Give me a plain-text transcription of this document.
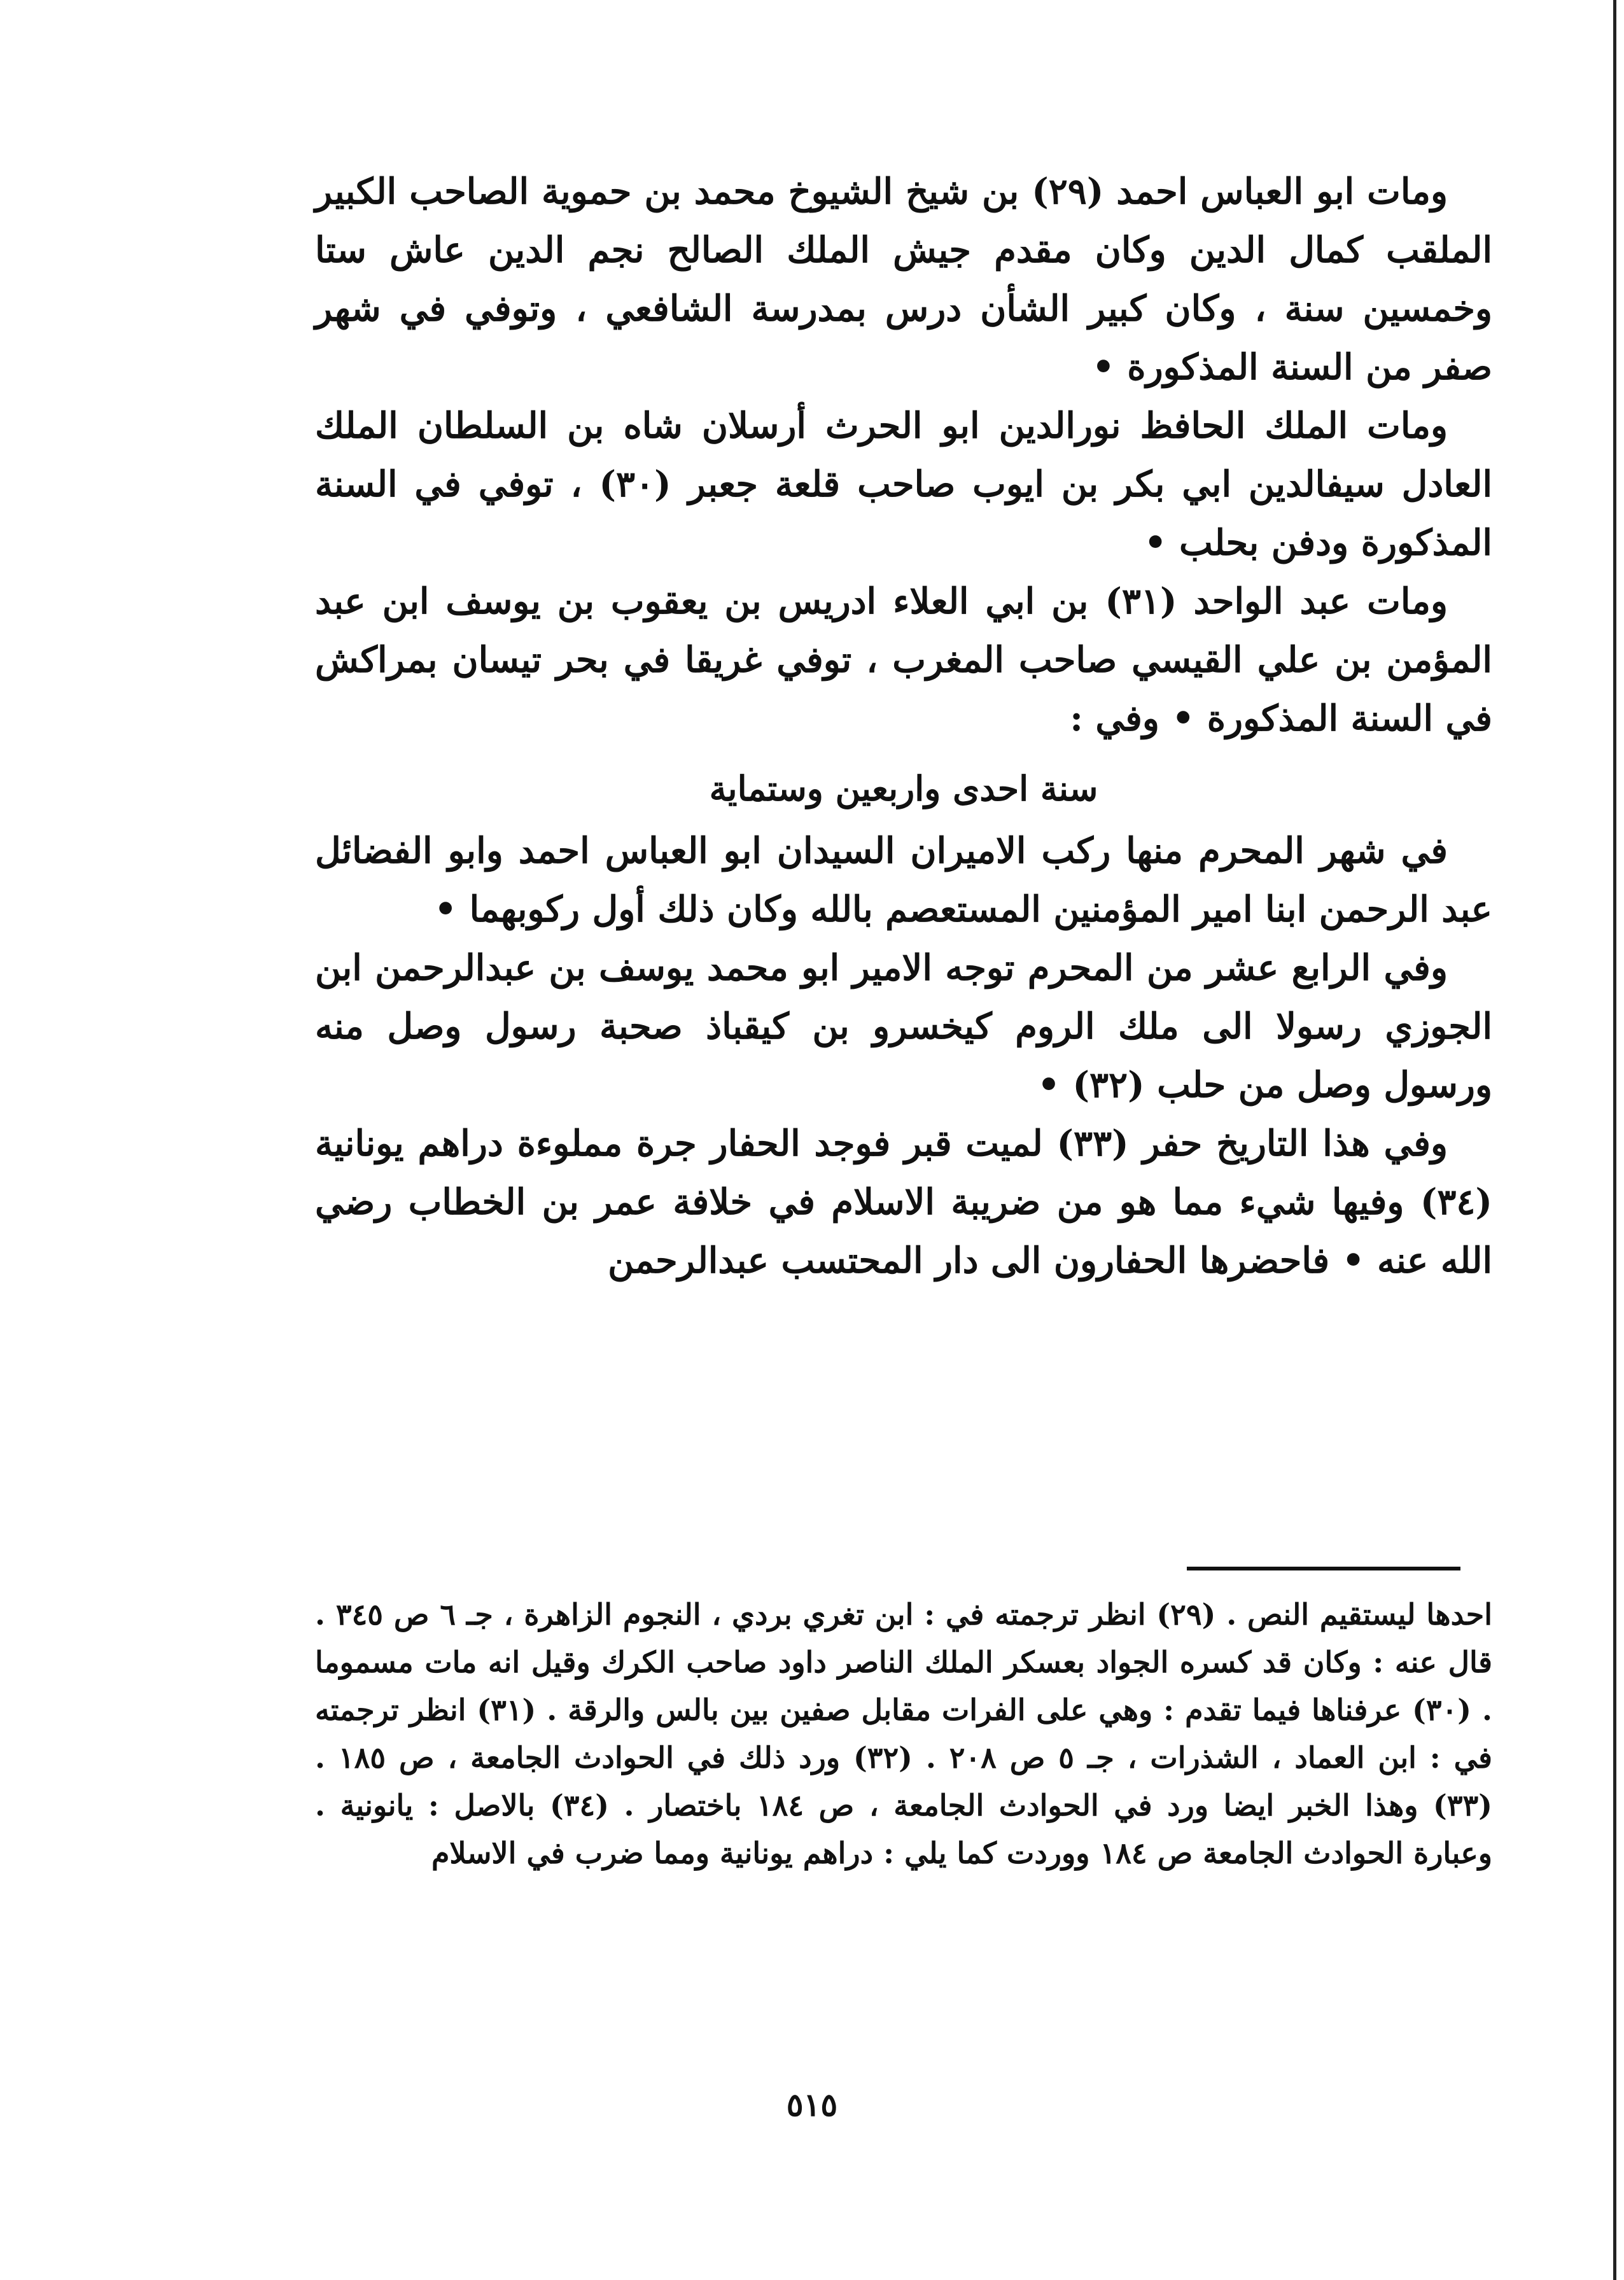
ومات ابو العباس احمد (٢٩) بن شيخ الشيوخ محمد بن حموية الصاحب الكبير الملقب كمال الدين وكان مقدم جيش الملك الصالح نجم الدين عاش ستا وخمسين سنة ، وكان كبير الشأن درس بمدرسة الشافعي ، وتوفي في شهر صفر من السنة المذكورة •

ومات الملك الحافظ نورالدين ابو الحرث أرسلان شاه بن السلطان الملك العادل سيفالدين ابي بكر بن ايوب صاحب قلعة جعبر (٣٠) ، توفي في السنة المذكورة ودفن بحلب •

ومات عبد الواحد (٣١) بن ابي العلاء ادريس بن يعقوب بن يوسف ابن عبد المؤمن بن علي القيسي صاحب المغرب ، توفي غريقا في بحر تيسان بمراكش في السنة المذكورة • وفي :

سنة احدى واربعين وستماية

في شهر المحرم منها ركب الاميران السيدان ابو العباس احمد وابو الفضائل عبد الرحمن ابنا امير المؤمنين المستعصم بالله وكان ذلك أول ركوبهما •

وفي الرابع عشر من المحرم توجه الامير ابو محمد يوسف بن عبدالرحمن ابن الجوزي رسولا الى ملك الروم كيخسرو بن كيقباذ صحبة رسول وصل منه ورسول وصل من حلب (٣٢) •

وفي هذا التاريخ حفر (٣٣) لميت قبر فوجد الحفار جرة مملوءة دراهم يونانية (٣٤) وفيها شيء مما هو من ضريبة الاسلام في خلافة عمر بن الخطاب رضي الله عنه • فاحضرها الحفارون الى دار المحتسب عبدالرحمن

احدها ليستقيم النص . (٢٩) انظر ترجمته في : ابن تغري بردي ، النجوم الزاهرة ، جـ ٦ ص ٣٤٥ . قال عنه : وكان قد كسره الجواد بعسكر الملك الناصر داود صاحب الكرك وقيل انه مات مسموما . (٣٠) عرفناها فيما تقدم : وهي على الفرات مقابل صفين بين بالس والرقة . (٣١) انظر ترجمته في : ابن العماد ، الشذرات ، جـ ٥ ص ٢٠٨ . (٣٢) ورد ذلك في الحوادث الجامعة ، ص ١٨٥ . (٣٣) وهذا الخبر ايضا ورد في الحوادث الجامعة ، ص ١٨٤ باختصار . (٣٤) بالاصل : يانونية . وعبارة الحوادث الجامعة ص ١٨٤ ووردت كما يلي : دراهم يونانية ومما ضرب في الاسلام

٥١٥
